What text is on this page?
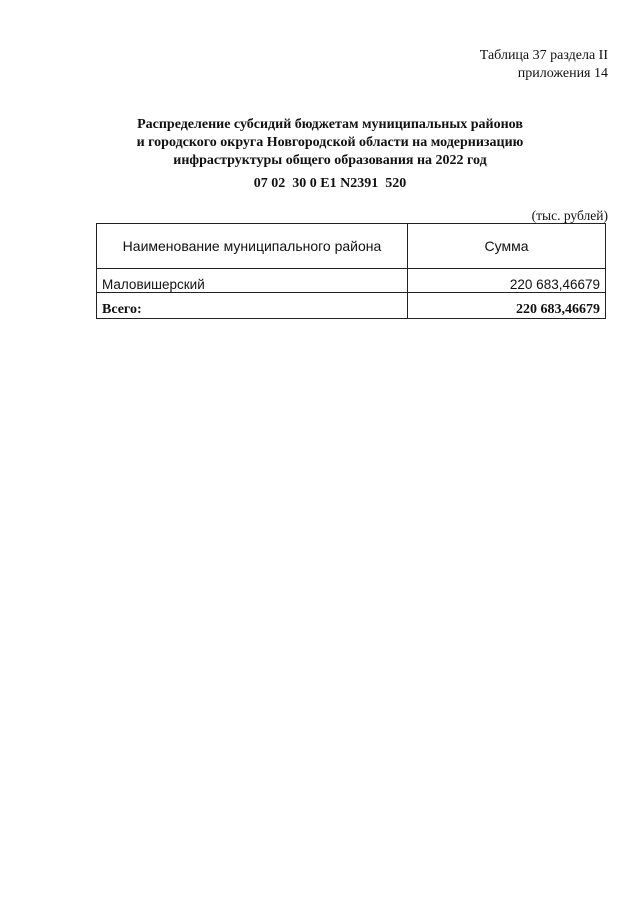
Таблица 37 раздела II
приложения 14
Распределение субсидий бюджетам муниципальных районов
и городского округа Новгородской области на модернизацию
инфраструктуры общего образования на 2022 год
07 02  30 0 E1 N2391  520
(тыс. рублей)
Наименование муниципального района	Сумма
Маловишерский	220 683,46679
Всего:	220 683,46679
